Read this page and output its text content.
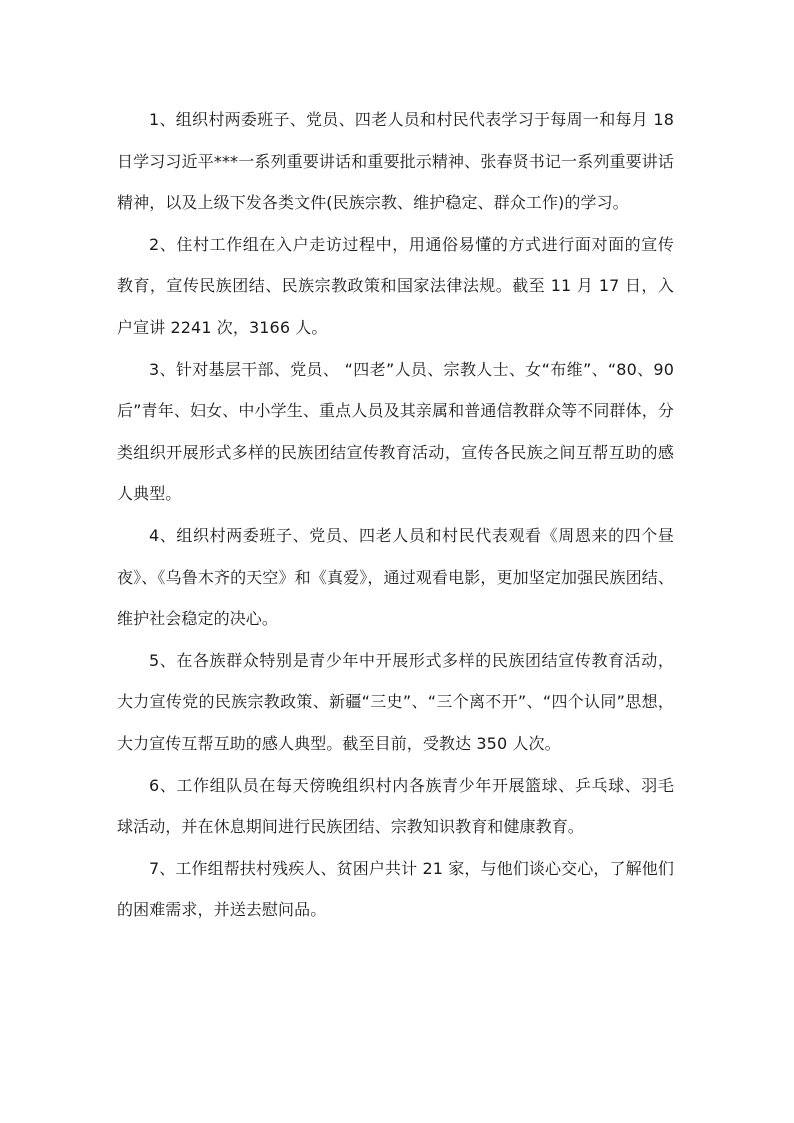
1、组织村两委班子、党员、四老人员和村民代表学习于每周一和每月 18 日学习习近平***一系列重要讲话和重要批示精神、张春贤书记一系列重要讲话精神，以及上级下发各类文件(民族宗教、维护稳定、群众工作)的学习。

2、住村工作组在入户走访过程中，用通俗易懂的方式进行面对面的宣传教育，宣传民族团结、民族宗教政策和国家法律法规。截至 11 月 17 日，入户宣讲 2241 次，3166 人。

3、针对基层干部、党员、 “四老”人员、宗教人士、女“布维”、“80、90 后”青年、妇女、中小学生、重点人员及其亲属和普通信教群众等不同群体，分类组织开展形式多样的民族团结宣传教育活动，宣传各民族之间互帮互助的感人典型。

4、组织村两委班子、党员、四老人员和村民代表观看《周恩来的四个昼夜》、《乌鲁木齐的天空》和《真爱》，通过观看电影，更加坚定加强民族团结、维护社会稳定的决心。

5、在各族群众特别是青少年中开展形式多样的民族团结宣传教育活动，大力宣传党的民族宗教政策、新疆“三史”、“三个离不开”、“四个认同”思想，大力宣传互帮互助的感人典型。截至目前，受教达 350 人次。

6、工作组队员在每天傍晚组织村内各族青少年开展篮球、乒乓球、羽毛球活动，并在休息期间进行民族团结、宗教知识教育和健康教育。

7、工作组帮扶村残疾人、贫困户共计 21 家，与他们谈心交心，了解他们的困难需求，并送去慰问品。
